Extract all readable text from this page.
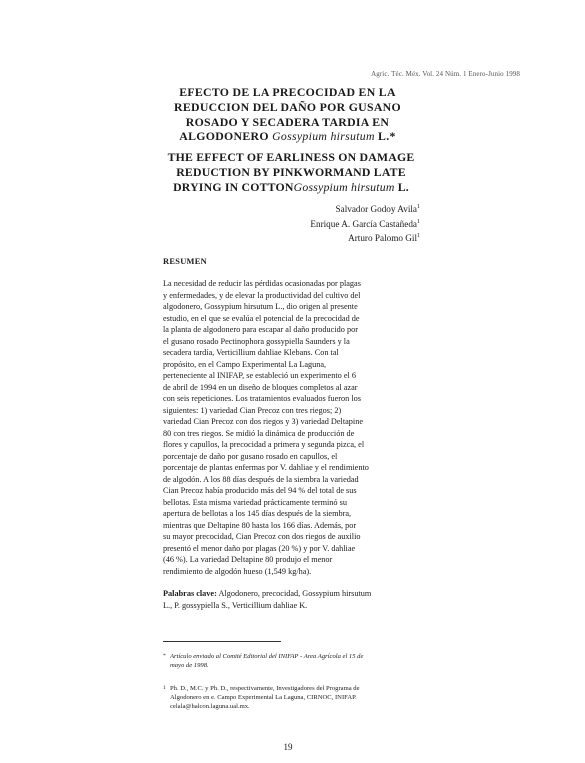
Agric. Téc. Méx. Vol. 24 Núm. 1 Enero-Junio 1998
EFECTO DE LA PRECOCIDAD EN LA
REDUCCION DEL DAÑO POR GUSANO
ROSADO Y SECADERA TARDIA EN
ALGODONERO Gossypium hirsutum L.*
THE EFFECT OF EARLINESS ON DAMAGE
REDUCTION BY PINKWORMAND LATE
DRYING IN COTTONGossypium hirsutum L.
Salvador Godoy Avila$^1$
Enrique A. García Castañeda$^1$
Arturo Palomo Gil$^1$
RESUMEN
La necesidad de reducir las pérdidas ocasionadas por plagas
y enfermedades, y de elevar la productividad del cultivo del
algodonero, Gossypium hirsutum L., dio origen al presente
estudio, en el que se evalúa el potencial de la precocidad de
la planta de algodonero para escapar al daño producido por
el gusano rosado Pectinophora gossypiella Saunders y la
secadera tardía, Verticillium dahliae Klebans. Con tal
propósito, en el Campo Experimental La Laguna,
perteneciente al INIFAP, se estableció un experimento el 6
de abril de 1994 en un diseño de bloques completos al azar
con seis repeticiones. Los tratamientos evaluados fueron los
siguientes: 1) variedad Cian Precoz con tres riegos; 2)
variedad Cian Precoz con dos riegos y 3) variedad Deltapine
80 con tres riegos. Se midió la dinámica de producción de
flores y capullos, la precocidad a primera y segunda pizca, el
porcentaje de daño por gusano rosado en capullos, el
porcentaje de plantas enfermas por V. dahliae y el rendimiento
de algodón. A los 88 días después de la siembra la variedad
Cian Precoz había producido más del 94 % del total de sus
bellotas. Esta misma variedad prácticamente terminó su
apertura de bellotas a los 145 días después de la siembra,
mientras que Deltapine 80 hasta los 166 días. Además, por
su mayor precocidad, Cian Precoz con dos riegos de auxilio
presentó el menor daño por plagas (20 %) y por V. dahliae
(46 %). La variedad Deltapine 80 produjo el menor
rendimiento de algodón hueso (1,549 kg/ha).
Palabras clave: Algodonero, precocidad, Gossypium hirsutum
L., P. gossypiella S., Verticillium dahliae K.
* Artículo enviado al Comité Editorial del INIFAP - Area Agrícola el 15 de
mayo de 1998.
1 Ph. D., M.C. y Ph. D., respectivamente, Investigadores del Programa de
Algodonero en e. Campo Experimental La Laguna, CIRNOC, INIFAP.
celala@halcon.laguna.ual.mx.
19
